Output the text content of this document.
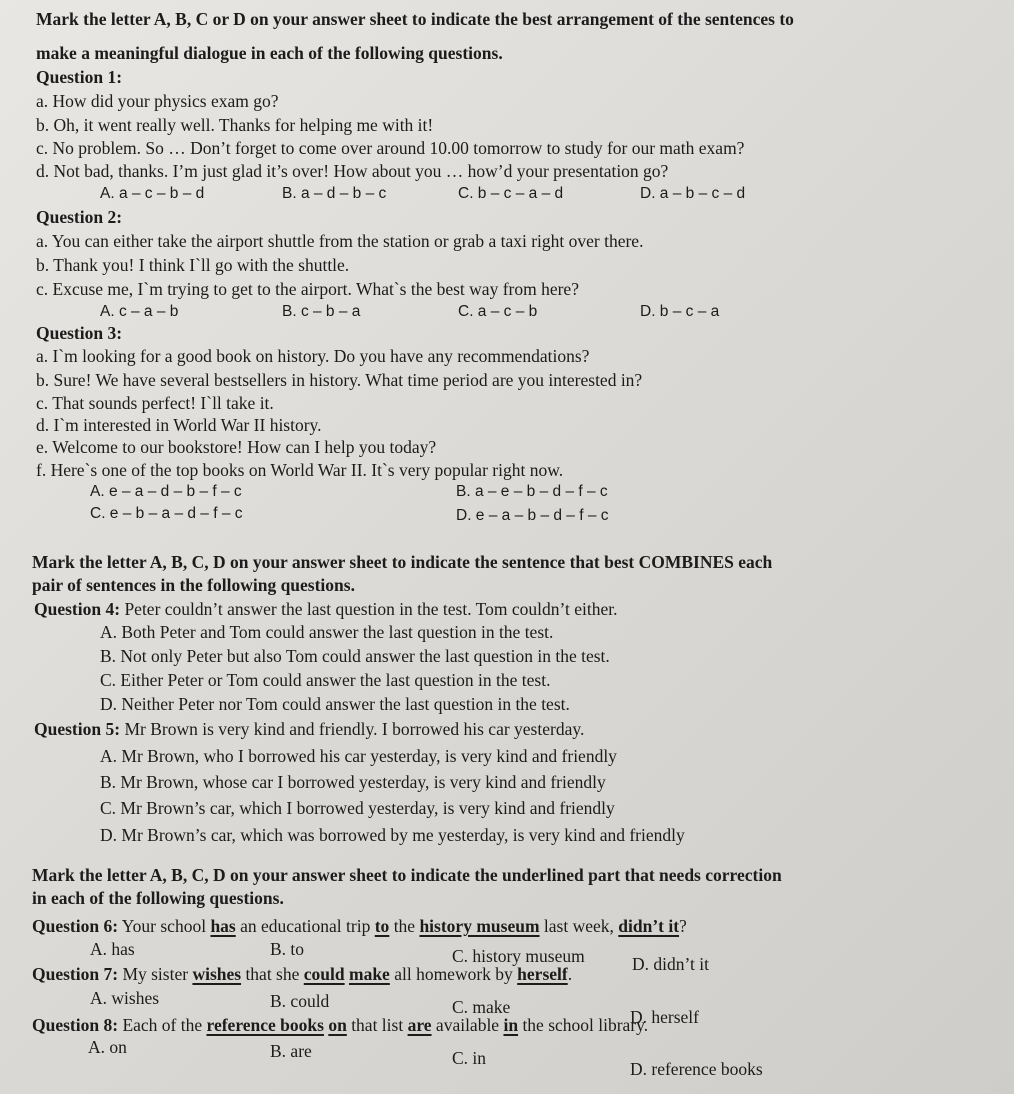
Mark the letter A, B, C or D on your answer sheet to indicate the best arrangement of the sentences to
make a meaningful dialogue in each of the following questions.
Question 1:
a. How did your physics exam go?
b. Oh, it went really well. Thanks for helping me with it!
c. No problem. So … Don’t forget to come over around 10.00 tomorrow to study for our math exam?
d. Not bad, thanks. I’m just glad it’s over! How about you … how’d your presentation go?
A. a – c – b – d	B. a – d – b – c	C. b – c – a – d	D. a – b – c – d
Question 2:
a. You can either take the airport shuttle from the station or grab a taxi right over there.
b. Thank you! I think I`ll go with the shuttle.
c. Excuse me, I`m trying to get to the airport. What`s the best way from here?
A. c – a – b	B. c – b – a	C. a – c – b	D. b – c – a
Question 3:
a. I`m looking for a good book on history. Do you have any recommendations?
b. Sure! We have several bestsellers in history. What time period are you interested in?
c. That sounds perfect! I`ll take it.
d. I`m interested in World War II history.
e. Welcome to our bookstore! How can I help you today?
f. Here`s one of the top books on World War II. It`s very popular right now.
A. e – a – d – b – f – c	B. a – e – b – d – f – c
C. e – b – a – d – f – c	D. e – a – b – d – f – c
Mark the letter A, B, C, D on your answer sheet to indicate the sentence that best COMBINES each
pair of sentences in the following questions.
Question 4: Peter couldn’t answer the last question in the test. Tom couldn’t either.
A. Both Peter and Tom could answer the last question in the test.
B. Not only Peter but also Tom could answer the last question in the test.
C. Either Peter or Tom could answer the last question in the test.
D. Neither Peter nor Tom could answer the last question in the test.
Question 5: Mr Brown is very kind and friendly. I borrowed his car yesterday.
A. Mr Brown, who I borrowed his car yesterday, is very kind and friendly
B. Mr Brown, whose car I borrowed yesterday, is very kind and friendly
C. Mr Brown’s car, which I borrowed yesterday, is very kind and friendly
D. Mr Brown’s car, which was borrowed by me yesterday, is very kind and friendly
Mark the letter A, B, C, D on your answer sheet to indicate the underlined part that needs correction
in each of the following questions.
Question 6: Your school has an educational trip to the history museum last week, didn’t it?
A. has	B. to	C. history museum	D. didn’t it
Question 7: My sister wishes that she could make all homework by herself.
A. wishes	B. could	C. make	D. herself
Question 8: Each of the reference books on that list are available in the school library.
A. on	B. are	C. in
D. reference books
